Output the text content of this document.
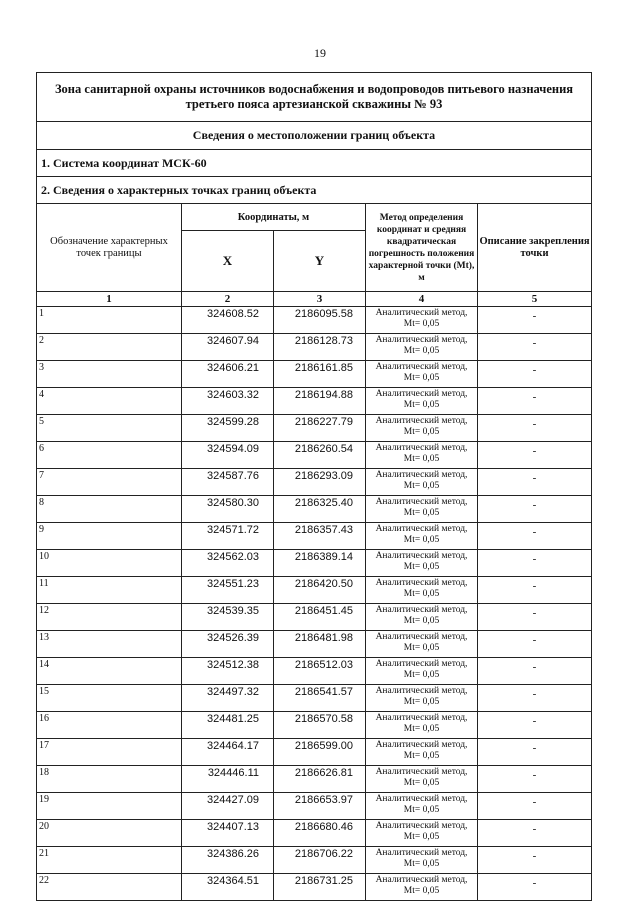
19
Зона санитарной охраны источников водоснабжения и водопроводов питьевого назначения
третьего пояса артезианской скважины № 93				

Сведения о местоположении границ объекта				
1. Система координат МСК-60				
2. Сведения о характерных точках границ объекта				
Обозначение характерных точек границы	Координаты, м		Метод определения координат и средняя квадратическая погрешность положения характерной точки (Mt), м	Описание закрепления точки
	X	Y		
1	2	3	4	5
1	324608.52	2186095.58	Аналитический метод,
Mt= 0,05	-
2	324607.94	2186128.73	Аналитический метод,
Mt= 0,05	-
3	324606.21	2186161.85	Аналитический метод,
Mt= 0,05	-
4	324603.32	2186194.88	Аналитический метод,
Mt= 0,05	-
5	324599.28	2186227.79	Аналитический метод,
Mt= 0,05	-
6	324594.09	2186260.54	Аналитический метод,
Mt= 0,05	-
7	324587.76	2186293.09	Аналитический метод,
Mt= 0,05	-
8	324580.30	2186325.40	Аналитический метод,
Mt= 0,05	-
9	324571.72	2186357.43	Аналитический метод,
Mt= 0,05	-
10	324562.03	2186389.14	Аналитический метод,
Mt= 0,05	-
11	324551.23	2186420.50	Аналитический метод,
Mt= 0,05	-
12	324539.35	2186451.45	Аналитический метод,
Mt= 0,05	-
13	324526.39	2186481.98	Аналитический метод,
Mt= 0,05	-
14	324512.38	2186512.03	Аналитический метод,
Mt= 0,05	-
15	324497.32	2186541.57	Аналитический метод,
Mt= 0,05	-
16	324481.25	2186570.58	Аналитический метод,
Mt= 0,05	-
17	324464.17	2186599.00	Аналитический метод,
Mt= 0,05	-
18	324446.11	2186626.81	Аналитический метод,
Mt= 0,05	-
19	324427.09	2186653.97	Аналитический метод,
Mt= 0,05	-
20	324407.13	2186680.46	Аналитический метод,
Mt= 0,05	-
21	324386.26	2186706.22	Аналитический метод,
Mt= 0,05	-
22	324364.51	2186731.25	Аналитический метод,
Mt= 0,05	-
